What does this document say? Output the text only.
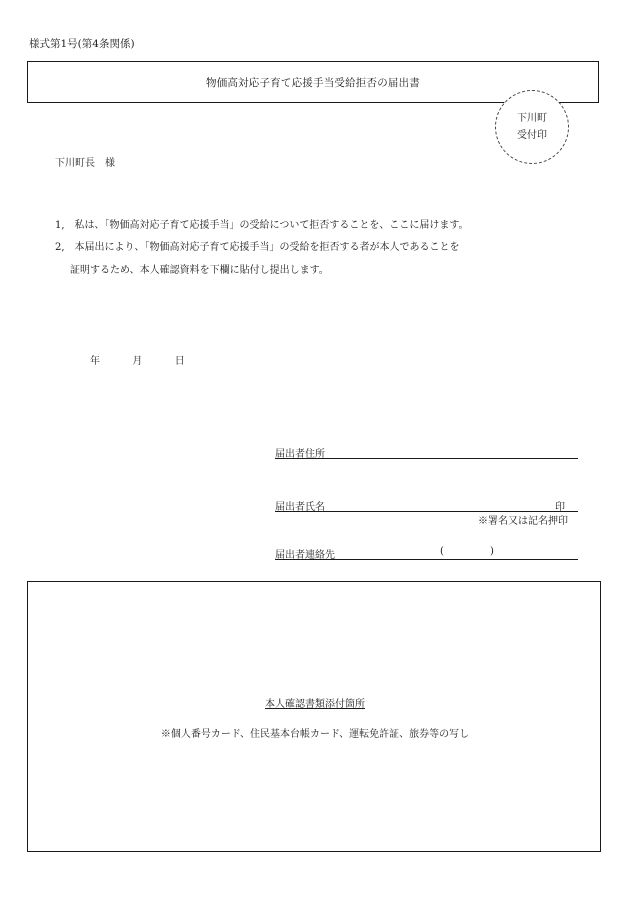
様式第1号(第4条関係)
物価高対応子育て応援手当受給拒否の届出書
下川町
受付印
下川町長　様
1,　私は、「物価高対応子育て応援手当」の受給について拒否することを、ここに届けます。
2,　本届出により、「物価高対応子育て応援手当」の受給を拒否する者が本人であることを
証明するため、本人確認資料を下欄に貼付し提出します。
年	月	日
届出者住所
届出者氏名	印
※署名又は記名押印
届出者連絡先	(	)
本人確認書類添付箇所
※個人番号カード、住民基本台帳カード、運転免許証、旅券等の写し
